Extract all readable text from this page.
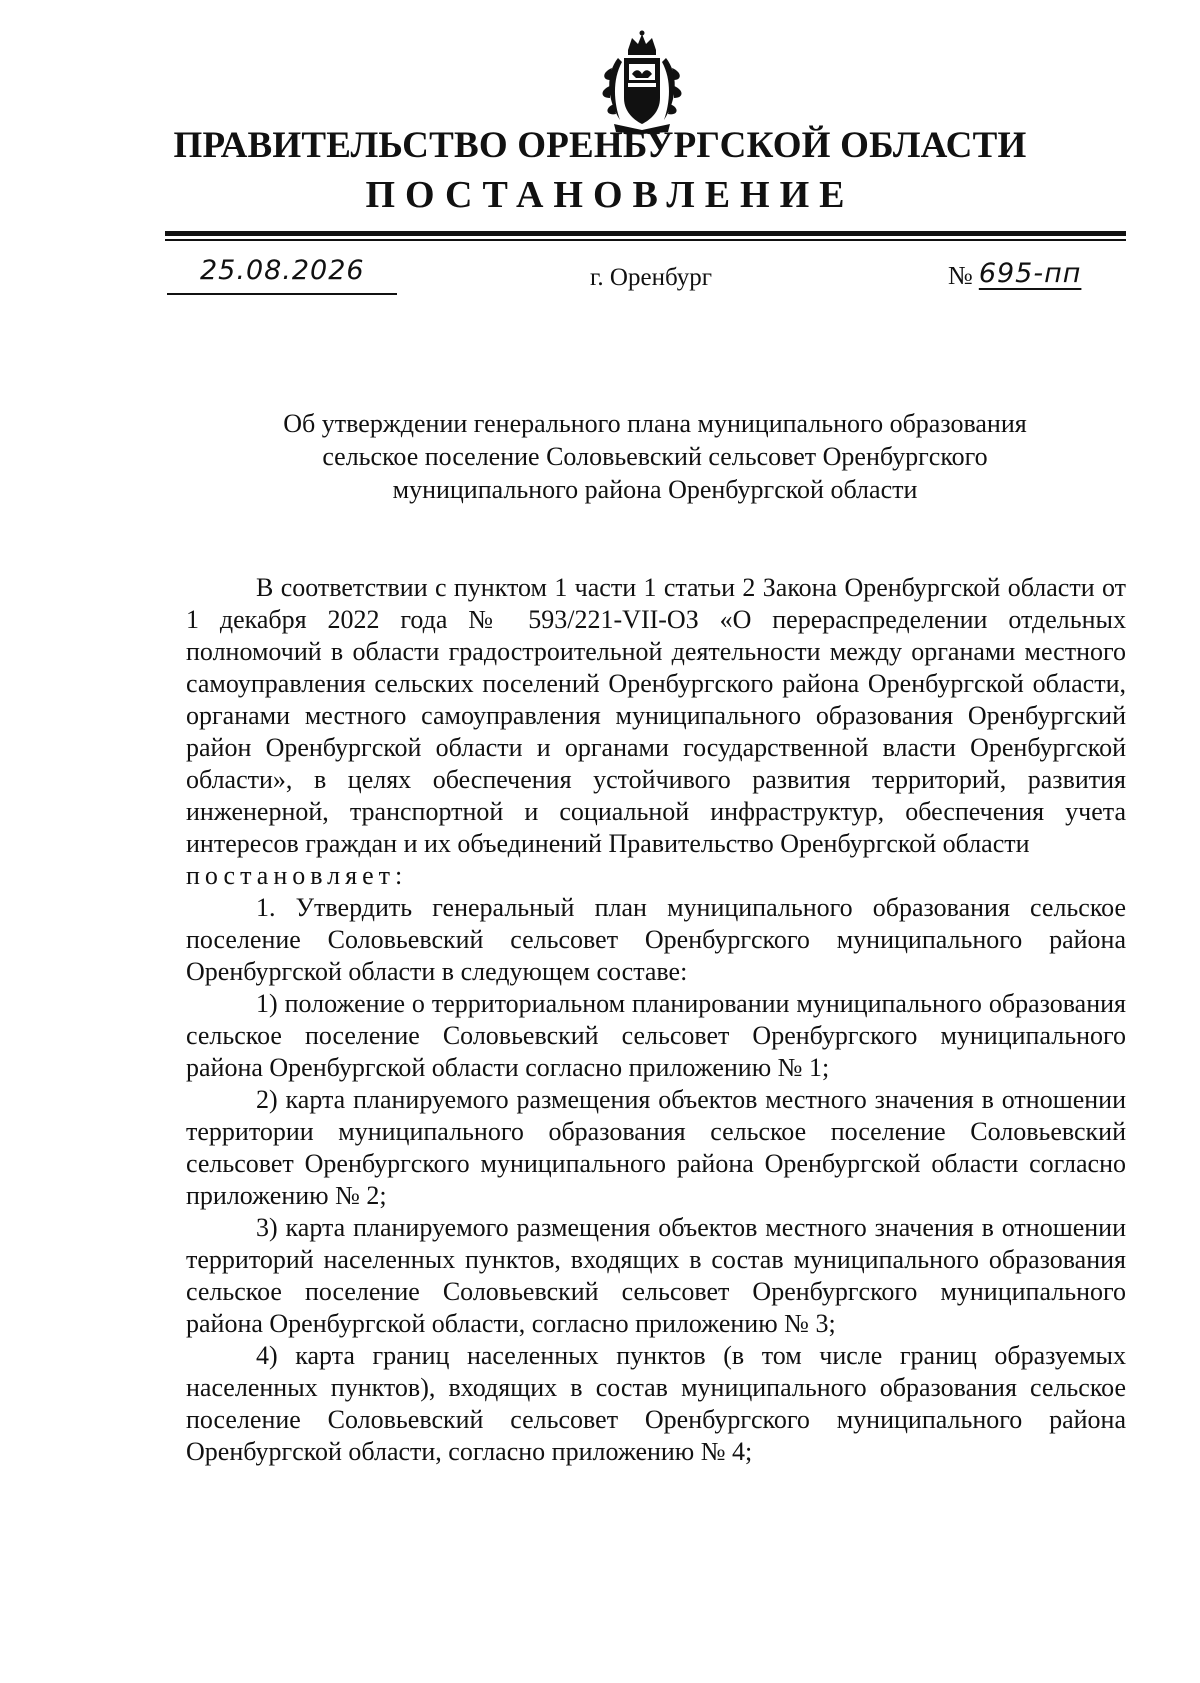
ПРАВИТЕЛЬСТВО ОРЕНБУРГСКОЙ ОБЛАСТИ
ПОСТАНОВЛЕНИЕ
25.08.2026	г. Оренбург	№ 695-пп
Об утверждении генерального плана муниципального образования
сельское поселение Соловьевский сельсовет Оренбургского
муниципального района Оренбургской области

В соответствии с пунктом 1 части 1 статьи 2 Закона Оренбургской области от 1 декабря 2022 года № 593/221-VII-ОЗ «О перераспределении отдельных полномочий в области градостроительной деятельности между органами местного самоуправления сельских поселений Оренбургского района Оренбургской области, органами местного самоуправления муниципального образования Оренбургский район Оренбургской области и органами государственной власти Оренбургской области», в целях обеспечения устойчивого развития территорий, развития инженерной, транспортной и социальной инфраструктур, обеспечения учета интересов граждан и их объединений Правительство Оренбургской области

постановляет:

1. Утвердить генеральный план муниципального образования сельское поселение Соловьевский сельсовет Оренбургского муниципального района Оренбургской области в следующем составе:

1) положение о территориальном планировании муниципального образования сельское поселение Соловьевский сельсовет Оренбургского муниципального района Оренбургской области согласно приложению № 1;

2) карта планируемого размещения объектов местного значения в отношении территории муниципального образования сельское поселение Соловьевский сельсовет Оренбургского муниципального района Оренбургской области согласно приложению № 2;

3) карта планируемого размещения объектов местного значения в отношении территорий населенных пунктов, входящих в состав муниципального образования сельское поселение Соловьевский сельсовет Оренбургского муниципального района Оренбургской области, согласно приложению № 3;

4) карта границ населенных пунктов (в том числе границ образуемых населенных пунктов), входящих в состав муниципального образования сельское поселение Соловьевский сельсовет Оренбургского муниципального района Оренбургской области, согласно приложению № 4;
